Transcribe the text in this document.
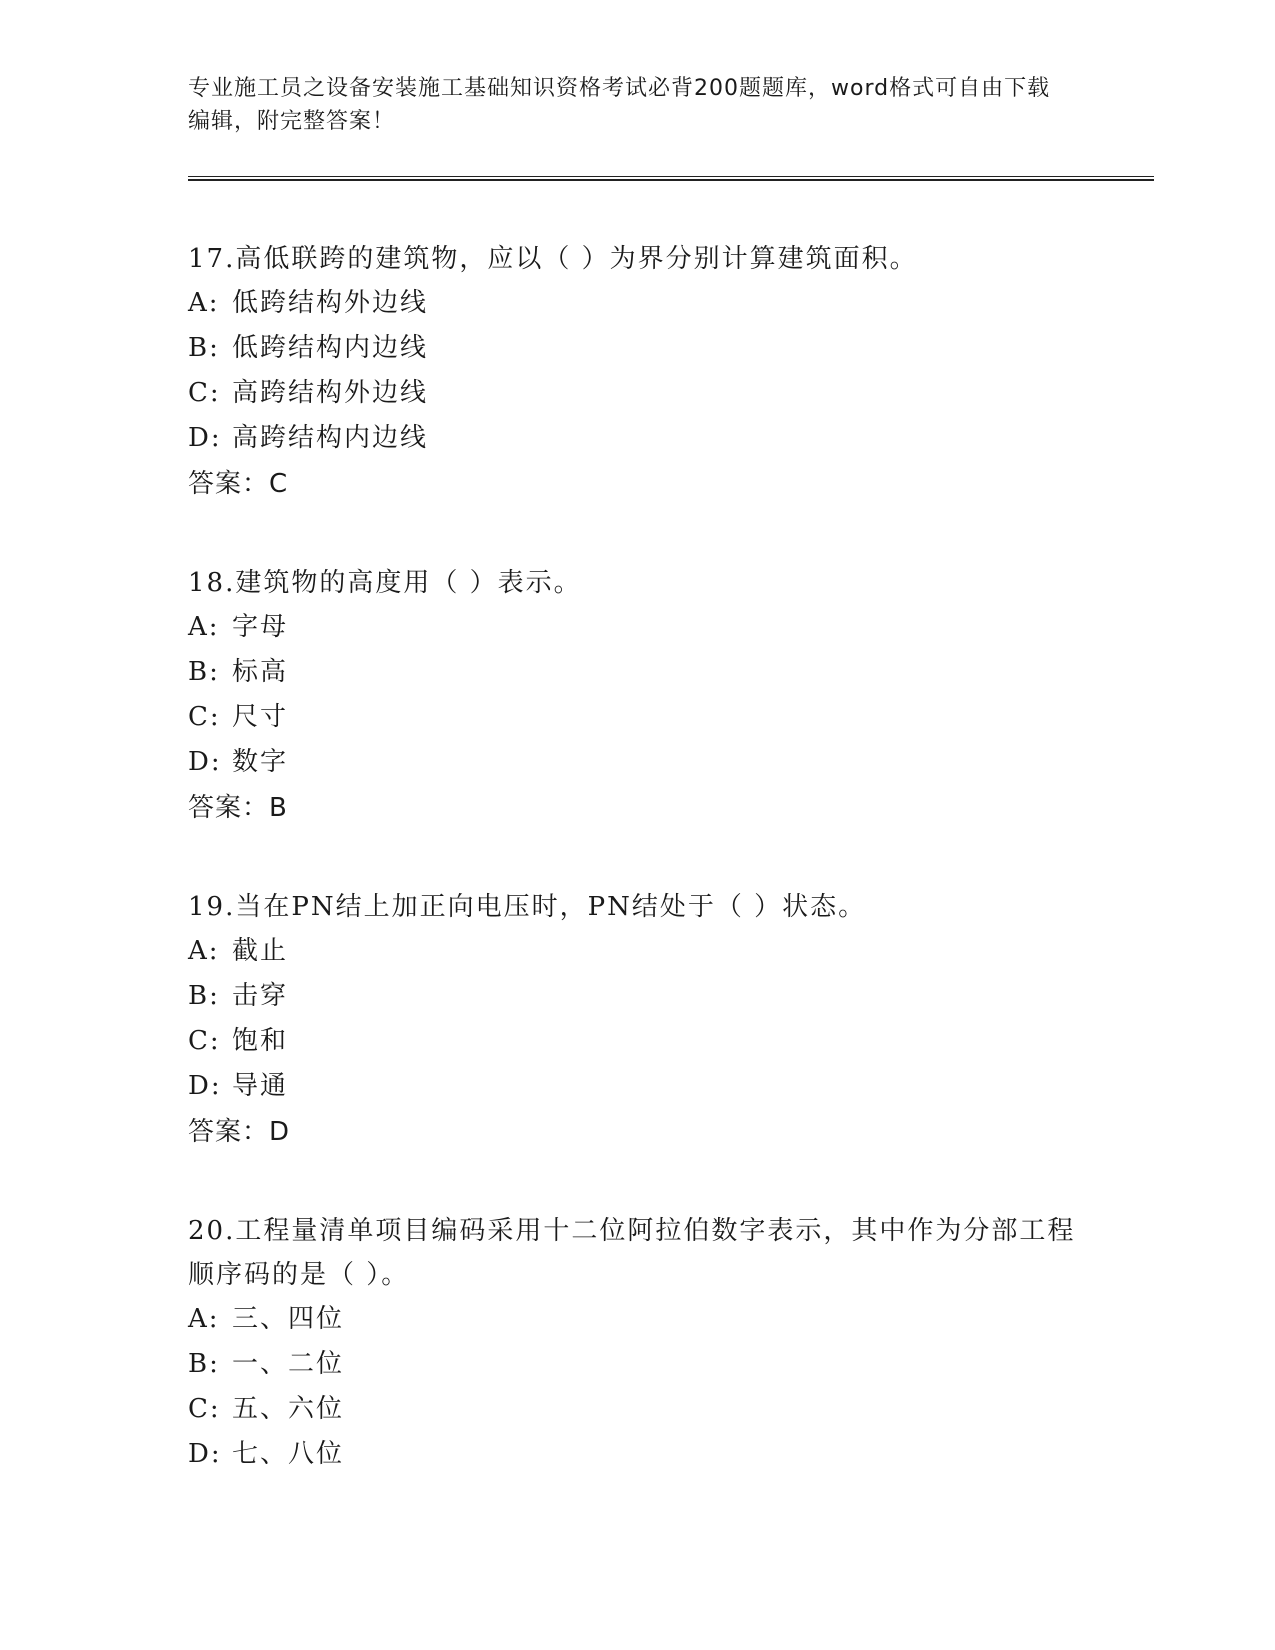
专业施工员之设备安装施工基础知识资格考试必背200题题库，word格式可自由下载编辑，附完整答案！
17.高低联跨的建筑物，应以（ ）为界分别计算建筑面积。
A: 低跨结构外边线
B: 低跨结构内边线
C: 高跨结构外边线
D: 高跨结构内边线
答案：C
18.建筑物的高度用（ ）表示。
A: 字母
B: 标高
C: 尺寸
D: 数字
答案：B
19.当在PN结上加正向电压时，PN结处于（ ）状态。
A: 截止
B: 击穿
C: 饱和
D: 导通
答案：D
20.工程量清单项目编码采用十二位阿拉伯数字表示，其中作为分部工程顺序码的是（ ）。
A: 三、四位
B: 一、二位
C: 五、六位
D: 七、八位
